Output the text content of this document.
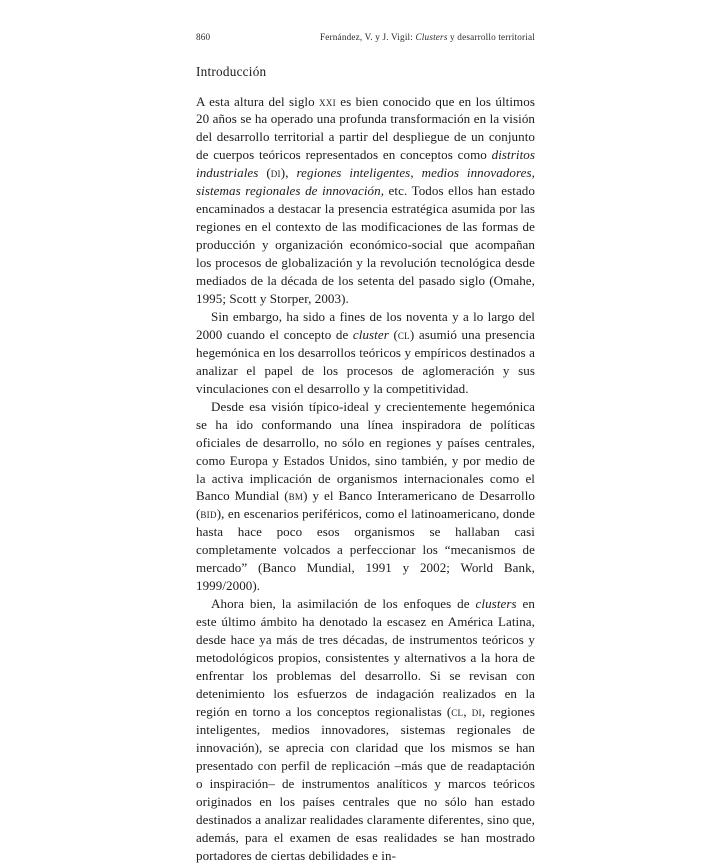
860	Fernández, V. y J. Vigil: Clusters y desarrollo territorial
Introducción

A esta altura del siglo xxi es bien conocido que en los últimos 20 años se ha operado una profunda transformación en la visión del desarrollo territorial a partir del despliegue de un conjunto de cuerpos teóricos representados en conceptos como distritos industriales (di), regiones inteligentes, medios innovadores, sistemas regionales de innovación, etc. Todos ellos han estado encaminados a destacar la presencia estratégica asumida por las regiones en el contexto de las modificaciones de las formas de producción y organización económico-social que acompañan los procesos de globalización y la revolución tecnológica desde mediados de la década de los setenta del pasado siglo (Omahe, 1995; Scott y Storper, 2003).

Sin embargo, ha sido a fines de los noventa y a lo largo del 2000 cuando el concepto de cluster (cl) asumió una presencia hegemónica en los desarrollos teóricos y empíricos destinados a analizar el papel de los procesos de aglomeración y sus vinculaciones con el desarrollo y la competitividad.

Desde esa visión típico-ideal y crecientemente hegemónica se ha ido conformando una línea inspiradora de políticas oficiales de desarrollo, no sólo en regiones y países centrales, como Europa y Estados Unidos, sino también, y por medio de la activa implicación de organismos internacionales como el Banco Mundial (bm) y el Banco Interamericano de Desarrollo (bid), en escenarios periféricos, como el latinoamericano, donde hasta hace poco esos organismos se hallaban casi completamente volcados a perfeccionar los “mecanismos de mercado” (Banco Mundial, 1991 y 2002; World Bank, 1999/2000).

Ahora bien, la asimilación de los enfoques de clusters en este último ámbito ha denotado la escasez en América Latina, desde hace ya más de tres décadas, de instrumentos teóricos y metodológicos propios, consistentes y alternativos a la hora de enfrentar los problemas del desarrollo. Si se revisan con detenimiento los esfuerzos de indagación realizados en la región en torno a los conceptos regionalistas (cl, di, regiones inteligentes, medios innovadores, sistemas regionales de innovación), se aprecia con claridad que los mismos se han presentado con perfil de replicación –más que de readaptación o inspiración– de instrumentos analíticos y marcos teóricos originados en los países centrales que no sólo han estado destinados a analizar realidades claramente diferentes, sino que, además, para el examen de esas realidades se han mostrado portadores de ciertas debilidades e in-
